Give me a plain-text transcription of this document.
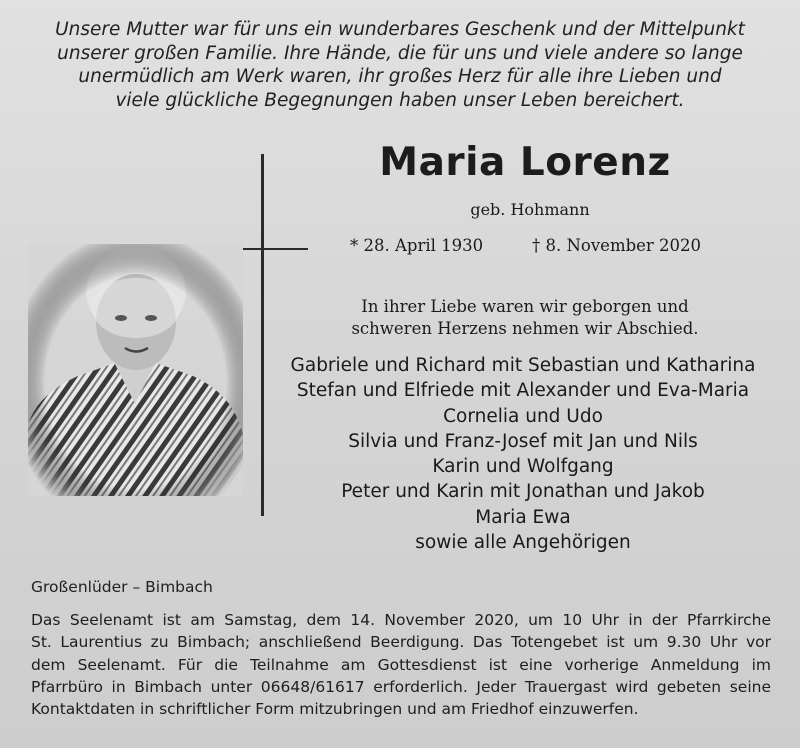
Unsere Mutter war für uns ein wunderbares Geschenk und der Mittelpunkt
unserer großen Familie. Ihre Hände, die für uns und viele andere so lange
unermüdlich am Werk waren, ihr großes Herz für alle ihre Lieben und
viele glückliche Begegnungen haben unser Leben bereichert.
Maria Lorenz
geb. Hohmann
* 28. April 1930	† 8. November 2020
In ihrer Liebe waren wir geborgen und
schweren Herzens nehmen wir Abschied.
Gabriele und Richard mit Sebastian und Katharina
Stefan und Elfriede mit Alexander und Eva-Maria
Cornelia und Udo
Silvia und Franz-Josef mit Jan und Nils
Karin und Wolfgang
Peter und Karin mit Jonathan und Jakob
Maria Ewa
sowie alle Angehörigen
Großenlüder – Bimbach
Das Seelenamt ist am Samstag, dem 14. November 2020, um 10 Uhr in der Pfarrkirche
St. Laurentius zu Bimbach; anschließend Beerdigung. Das Totengebet ist um 9.30 Uhr vor
dem Seelenamt. Für die Teilnahme am Gottesdienst ist eine vorherige Anmeldung im
Pfarrbüro in Bimbach unter 06648/61617 erforderlich. Jeder Trauergast wird gebeten seine
Kontaktdaten in schriftlicher Form mitzubringen und am Friedhof einzuwerfen.
